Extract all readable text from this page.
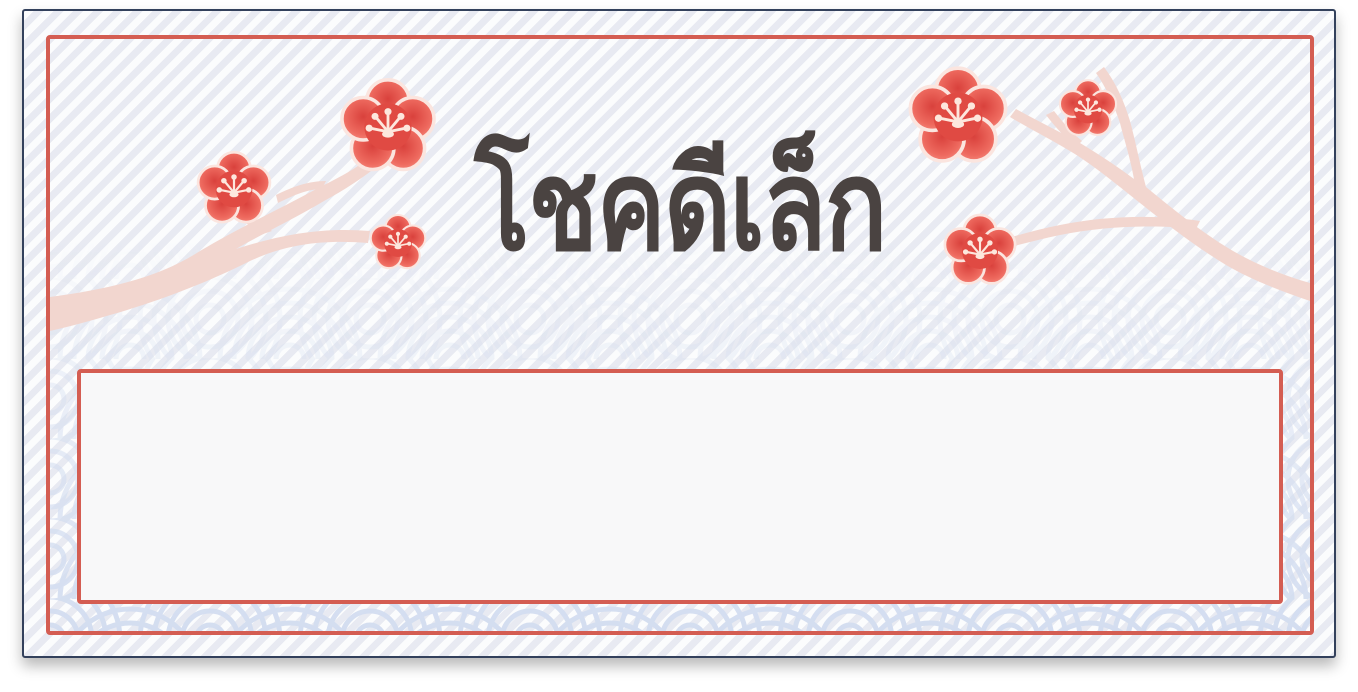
โชคดีเล็ก
